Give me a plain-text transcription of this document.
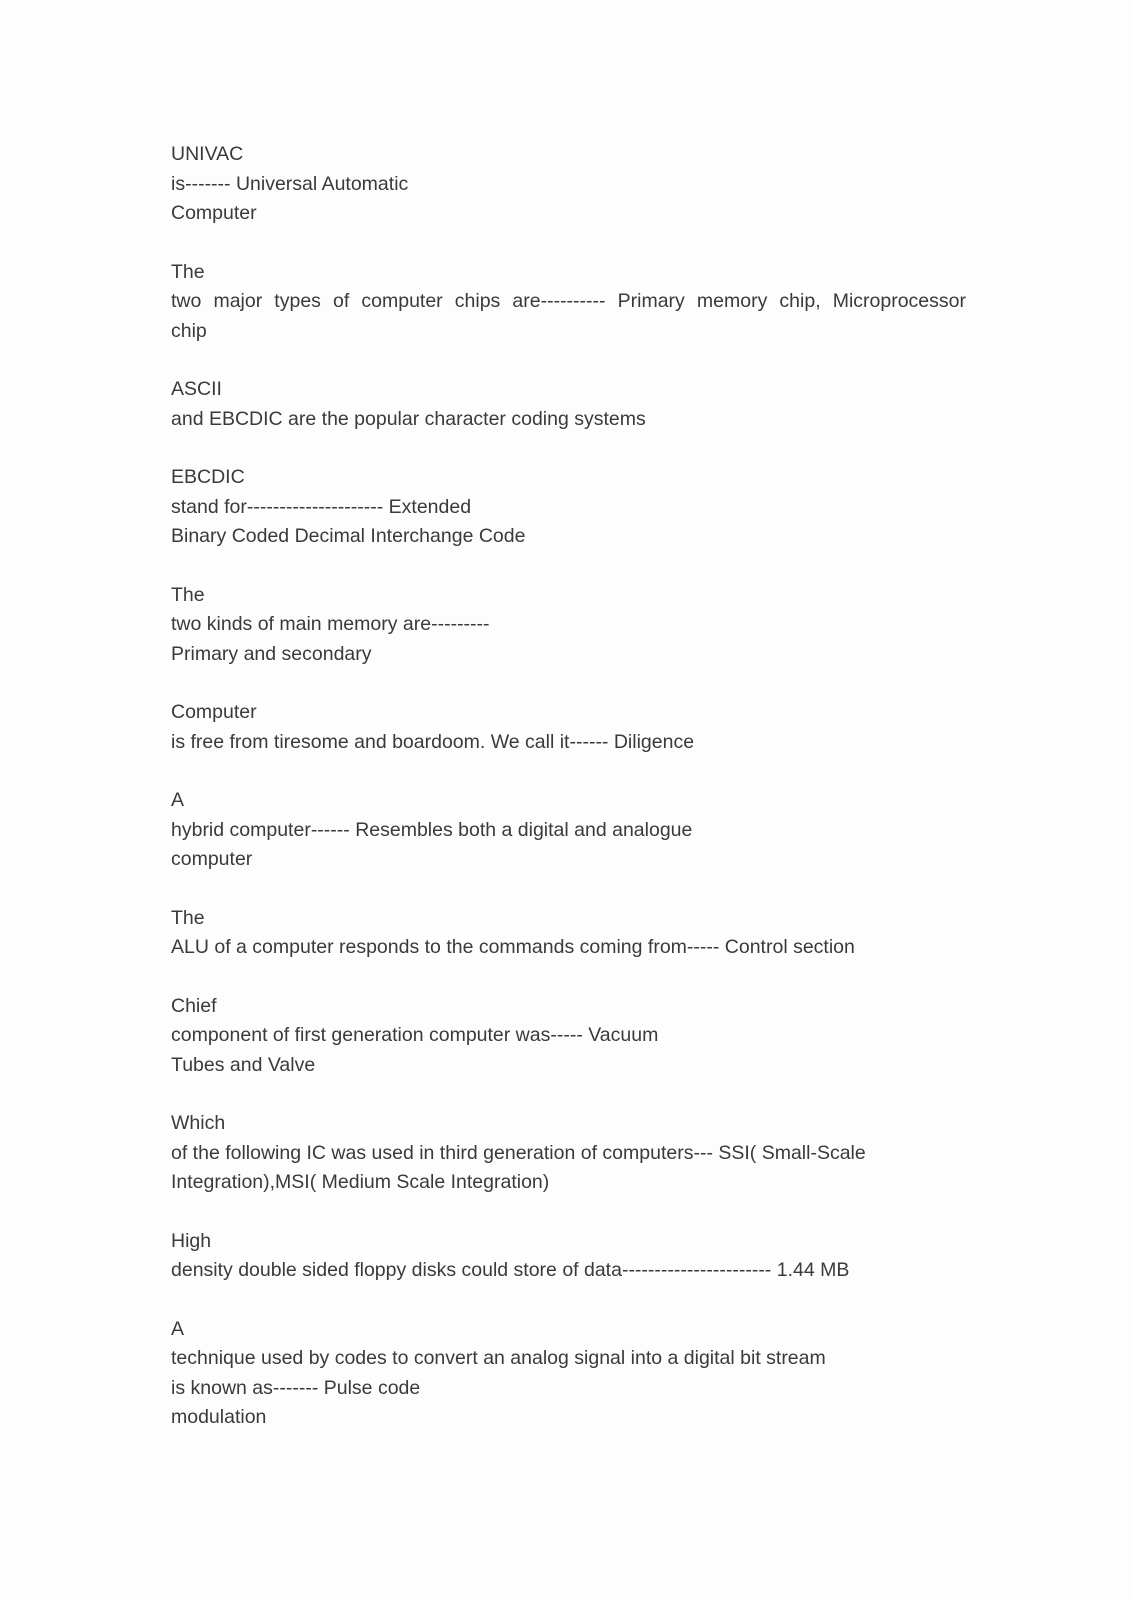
UNIVAC
is------- Universal Automatic
Computer
The
two major types of computer chips are---------- Primary memory chip, Microprocessor
chip
ASCII
and EBCDIC are the popular character coding systems
EBCDIC
stand for--------------------- Extended
Binary Coded Decimal Interchange Code
The
two kinds of main memory are---------
Primary and secondary
Computer
is free from tiresome and boardoom. We call it------ Diligence
A
hybrid computer------ Resembles both a digital and analogue
computer
The
ALU of a computer responds to the commands coming from----- Control section
Chief
component of first generation computer was----- Vacuum
Tubes and Valve
Which
of the following IC was used in third generation of computers--- SSI( Small-Scale
Integration),MSI( Medium Scale Integration)
High
density double sided floppy disks could store of data----------------------- 1.44 MB
A
technique used by codes to convert an analog signal into a digital bit stream
is known as------- Pulse code
modulation
